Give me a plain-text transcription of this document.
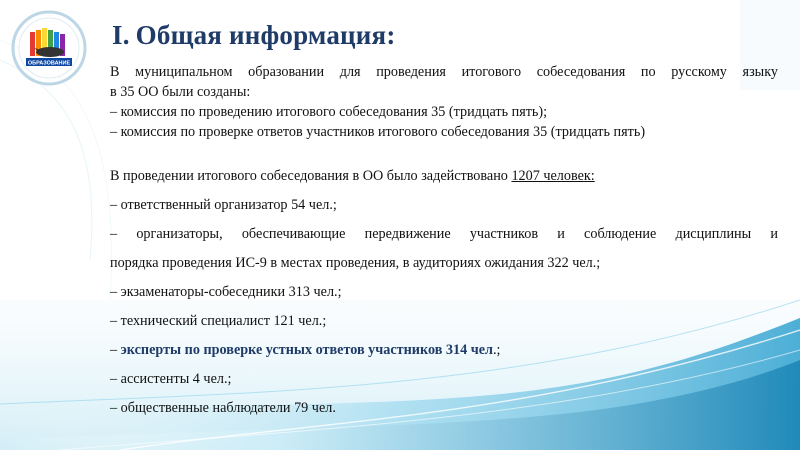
ОБРАЗОВАНИЕ
I. Общая информация:

В муниципальном образовании для проведения итогового собеседования по русскому языку

в 35 ОО были созданы:

– комиссия по проведению итогового собеседования 35 (тридцать пять);

– комиссия по проверке ответов участников итогового собеседования 35 (тридцать пять)

В проведении итогового собеседования в ОО было задействовано 1207 человек:

– ответственный организатор 54 чел.;

– организаторы, обеспечивающие передвижение участников и соблюдение дисциплины и

порядка проведения ИС-9 в местах проведения, в аудиториях ожидания 322 чел.;

– экзаменаторы-собеседники 313 чел.;

– технический специалист 121 чел.;

– эксперты по проверке устных ответов участников 314 чел.;

– ассистенты 4 чел.;

– общественные наблюдатели 79 чел.
